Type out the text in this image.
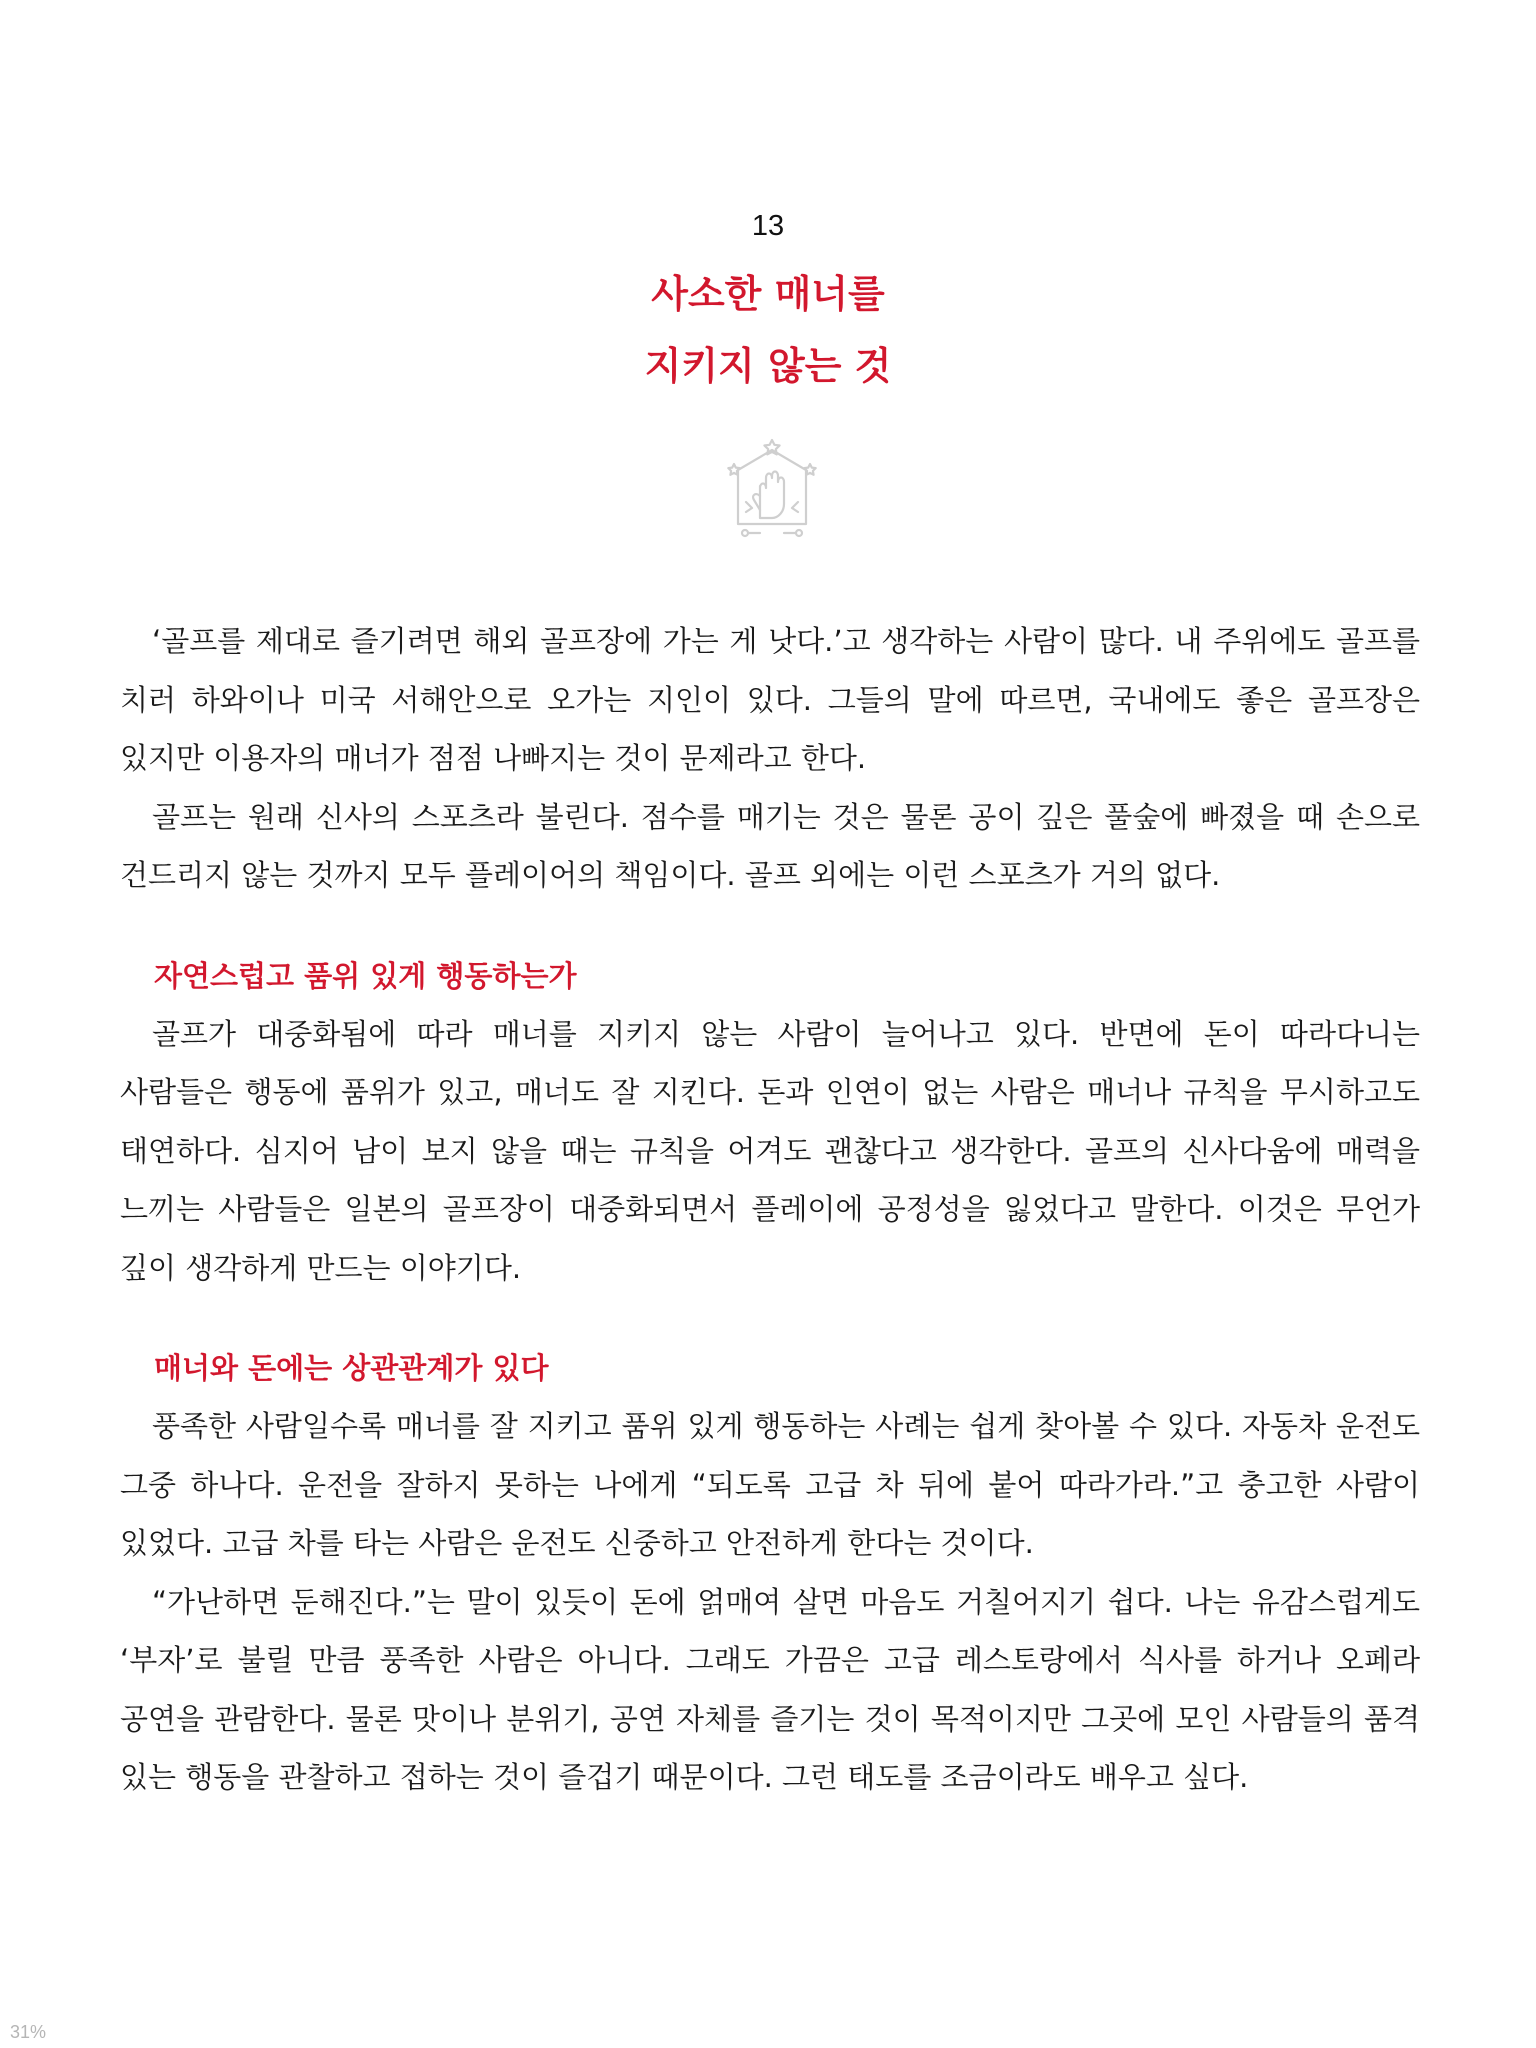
13
사소한 매너를
지키지 않는 것

‘골프를 제대로 즐기려면 해외 골프장에 가는 게 낫다.’고 생각하는 사람이 많다. 내 주위에도 골프를 치러 하와이나 미국 서해안으로 오가는 지인이 있다. 그들의 말에 따르면, 국내에도 좋은 골프장은 있지만 이용자의 매너가 점점 나빠지는 것이 문제라고 한다.

골프는 원래 신사의 스포츠라 불린다. 점수를 매기는 것은 물론 공이 깊은 풀숲에 빠졌을 때 손으로 건드리지 않는 것까지 모두 플레이어의 책임이다. 골프 외에는 이런 스포츠가 거의 없다.

자연스럽고 품위 있게 행동하는가

골프가 대중화됨에 따라 매너를 지키지 않는 사람이 늘어나고 있다. 반면에 돈이 따라다니는 사람들은 행동에 품위가 있고, 매너도 잘 지킨다. 돈과 인연이 없는 사람은 매너나 규칙을 무시하고도 태연하다. 심지어 남이 보지 않을 때는 규칙을 어겨도 괜찮다고 생각한다. 골프의 신사다움에 매력을 느끼는 사람들은 일본의 골프장이 대중화되면서 플레이에 공정성을 잃었다고 말한다. 이것은 무언가 깊이 생각하게 만드는 이야기다.

매너와 돈에는 상관관계가 있다

풍족한 사람일수록 매너를 잘 지키고 품위 있게 행동하는 사례는 쉽게 찾아볼 수 있다. 자동차 운전도 그중 하나다. 운전을 잘하지 못하는 나에게 “되도록 고급 차 뒤에 붙어 따라가라.”고 충고한 사람이 있었다. 고급 차를 타는 사람은 운전도 신중하고 안전하게 한다는 것이다.

“가난하면 둔해진다.”는 말이 있듯이 돈에 얽매여 살면 마음도 거칠어지기 쉽다. 나는 유감스럽게도 ‘부자’로 불릴 만큼 풍족한 사람은 아니다. 그래도 가끔은 고급 레스토랑에서 식사를 하거나 오페라 공연을 관람한다. 물론 맛이나 분위기, 공연 자체를 즐기는 것이 목적이지만 그곳에 모인 사람들의 품격 있는 행동을 관찰하고 접하는 것이 즐겁기 때문이다. 그런 태도를 조금이라도 배우고 싶다.

31%
